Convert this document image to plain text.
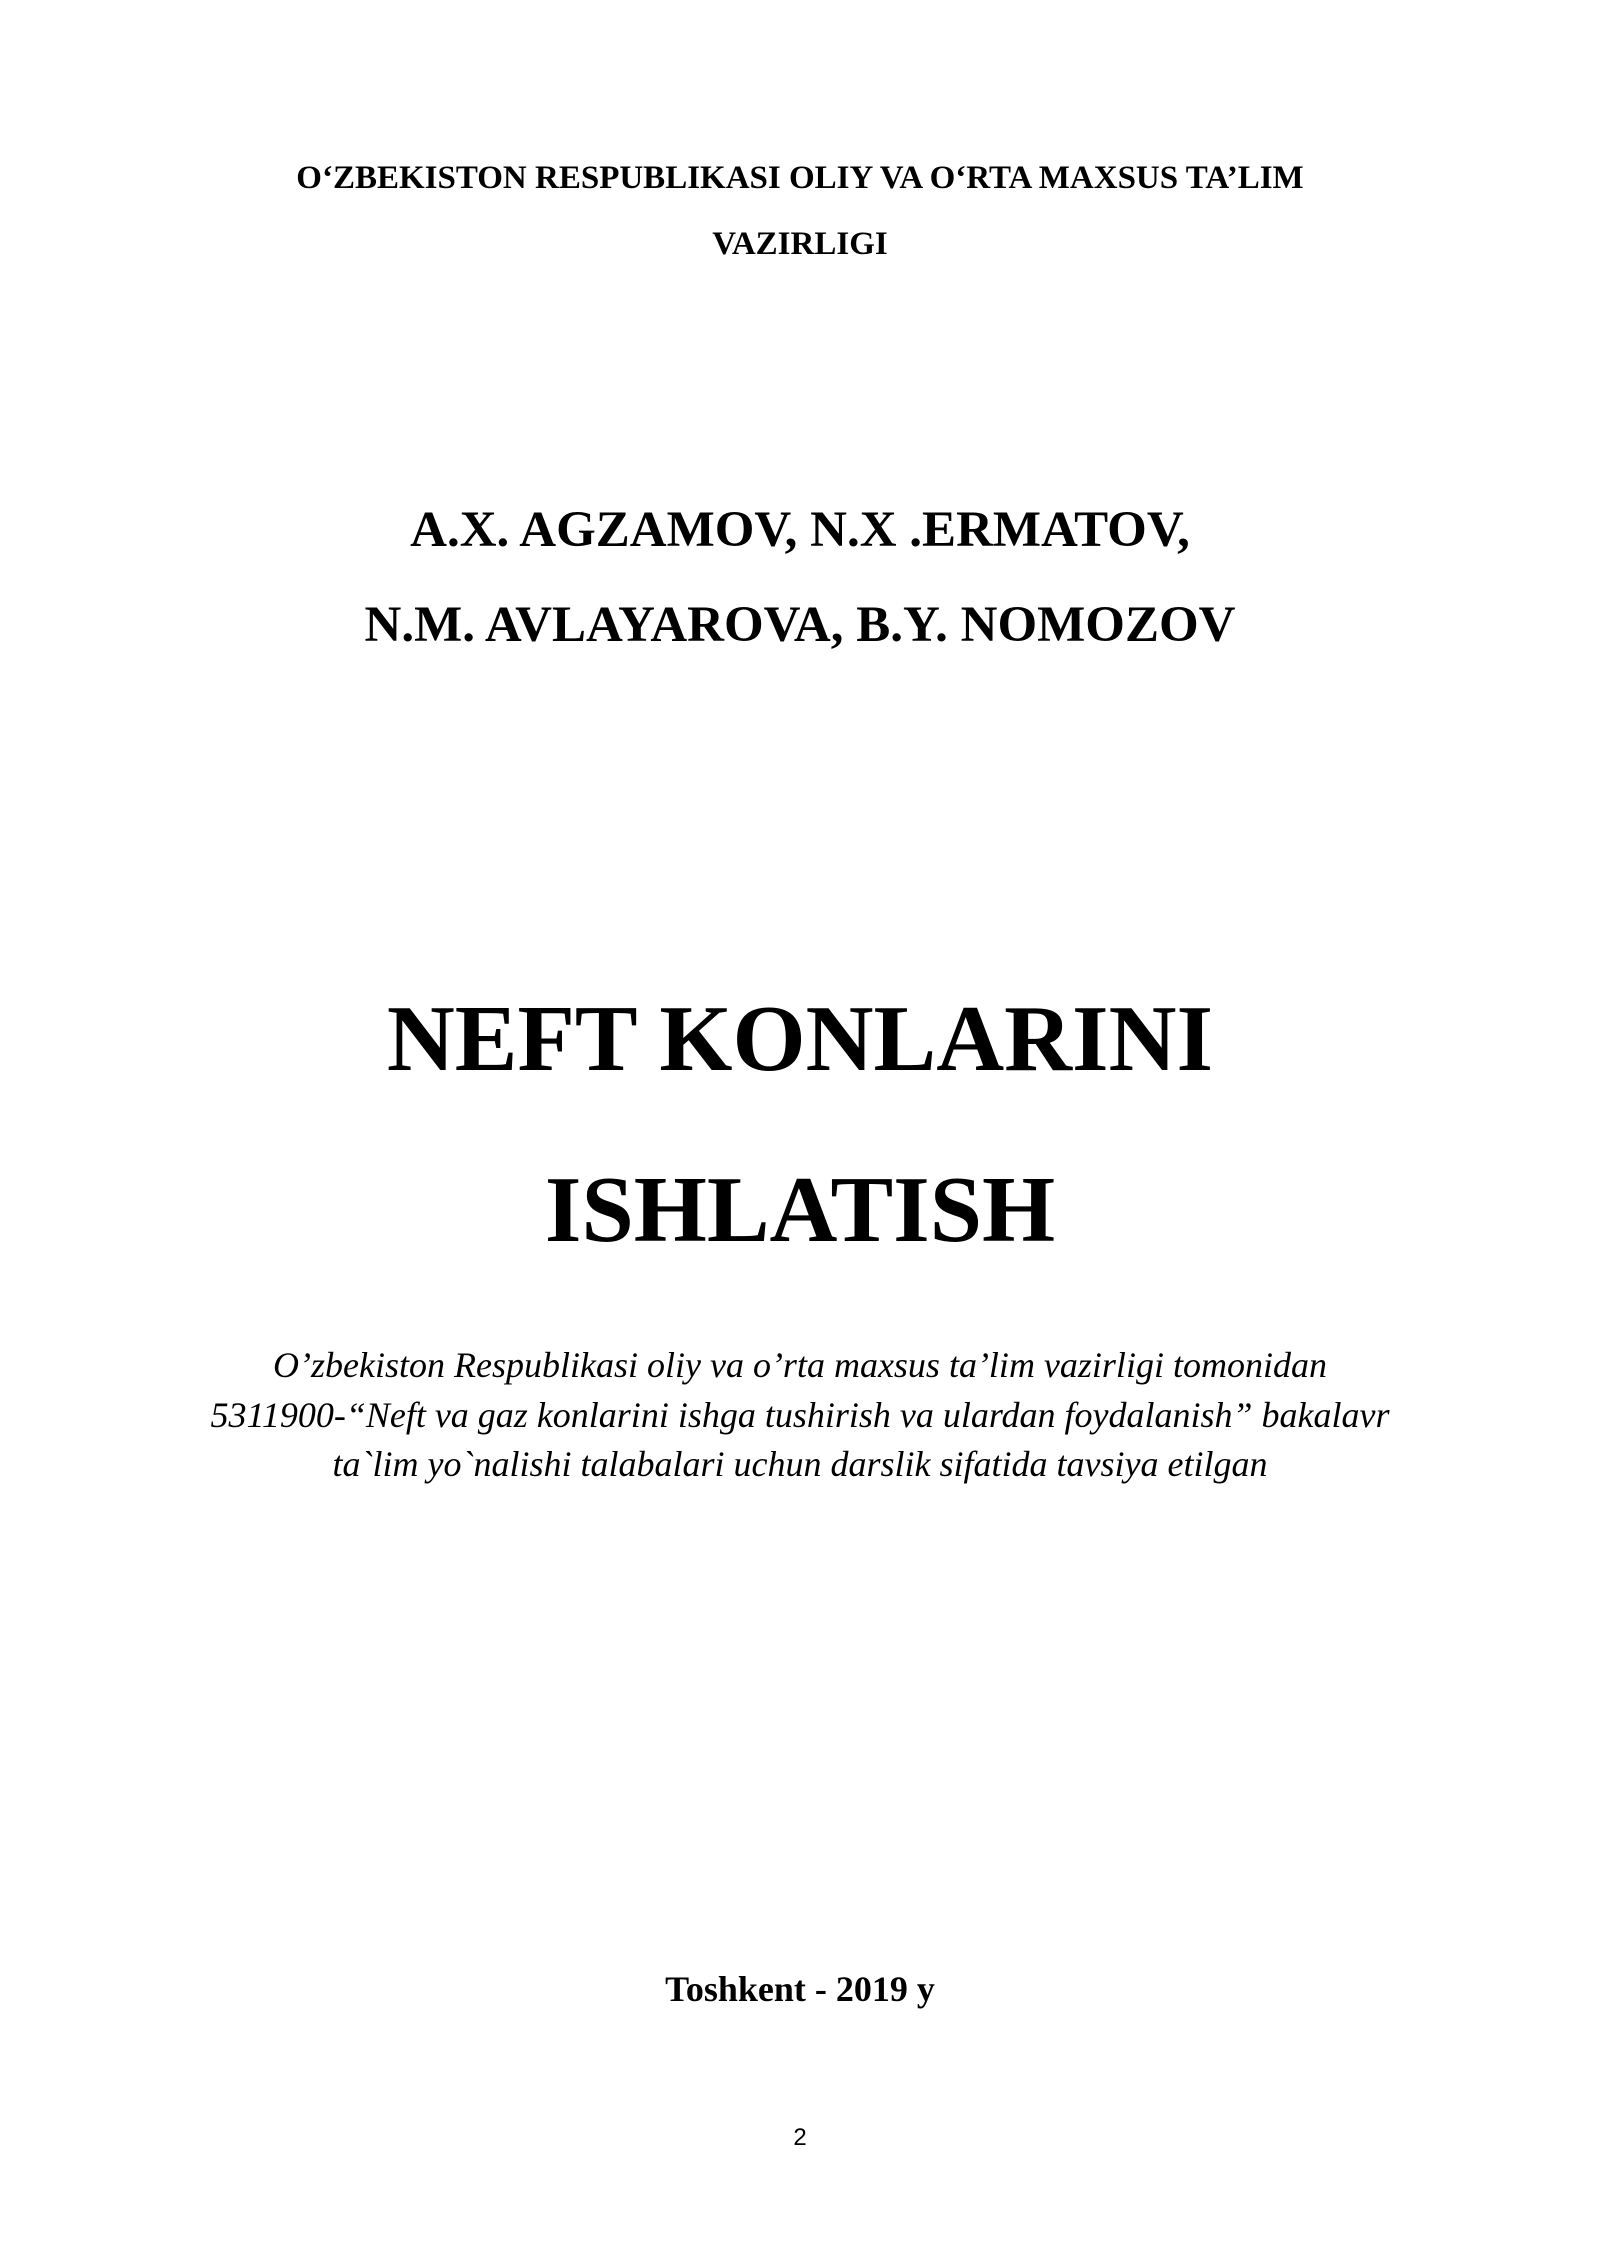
O‘ZBEKISTON RESPUBLIKASI OLIY VA O‘RTA MAXSUS TA’LIM
VAZIRLIGI
A.X. AGZAMOV, N.X .ERMATOV,
N.M. AVLAYAROVA, B.Y. NOMOZOV
NEFT KONLARINI
ISHLATISH
O’zbekiston Respublikasi oliy va o’rta maxsus ta’lim vazirligi tomonidan
5311900-“Neft va gaz konlarini ishga tushirish va ulardan foydalanish” bakalavr
ta`lim yo`nalishi talabalari uchun darslik sifatida tavsiya etilgan
Toshkent - 2019 y
2
